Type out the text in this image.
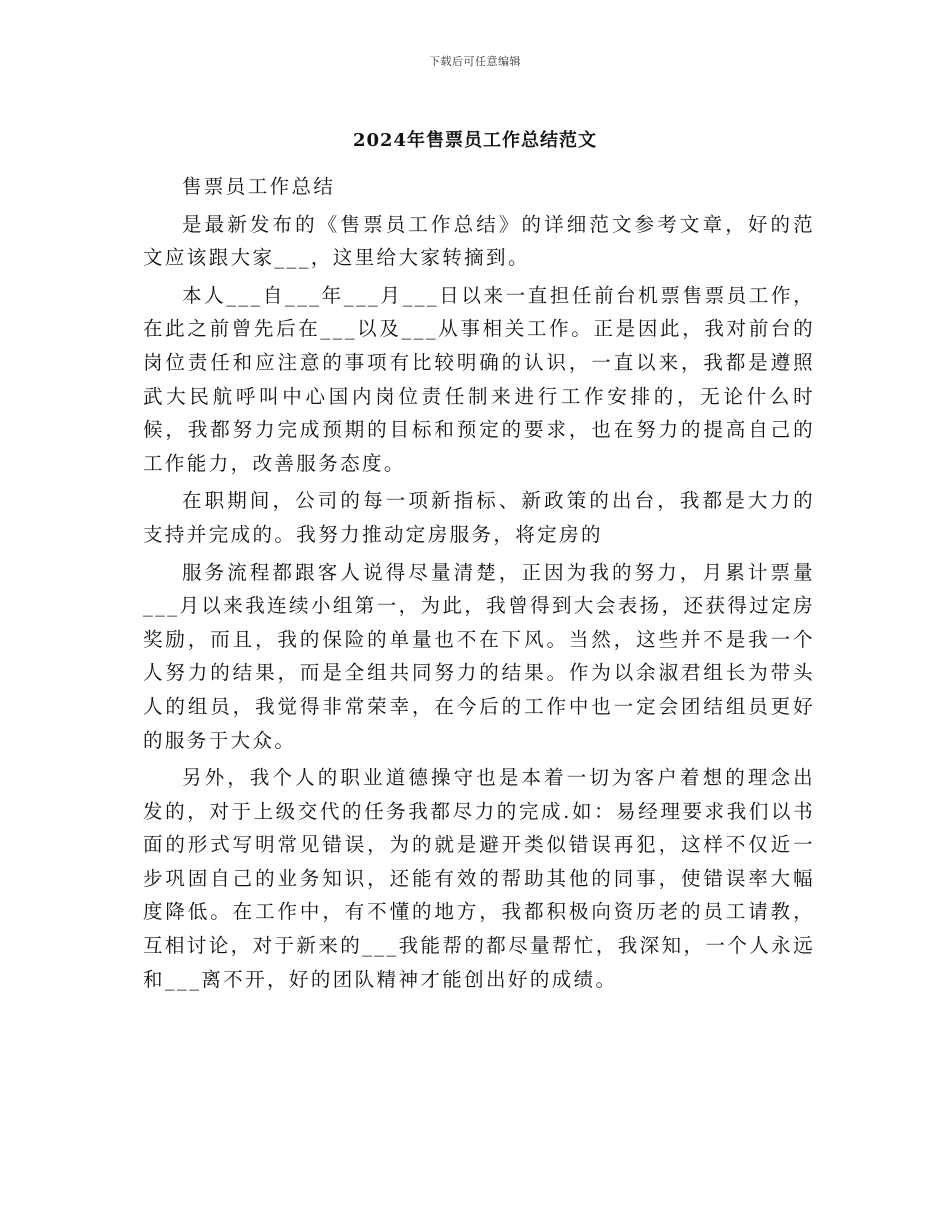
下载后可任意编辑
2024年售票员工作总结范文

售票员工作总结

是最新发布的《售票员工作总结》的详细范文参考文章，好的范文应该跟大家___，这里给大家转摘到。

本人___自___年___月___日以来一直担任前台机票售票员工作，在此之前曾先后在___以及___从事相关工作。正是因此，我对前台的岗位责任和应注意的事项有比较明确的认识，一直以来，我都是遵照武大民航呼叫中心国内岗位责任制来进行工作安排的，无论什么时候，我都努力完成预期的目标和预定的要求，也在努力的提高自己的工作能力，改善服务态度。

在职期间，公司的每一项新指标、新政策的出台，我都是大力的支持并完成的。我努力推动定房服务，将定房的

服务流程都跟客人说得尽量清楚，正因为我的努力，月累计票量___月以来我连续小组第一，为此，我曾得到大会表扬，还获得过定房奖励，而且，我的保险的单量也不在下风。当然，这些并不是我一个人努力的结果，而是全组共同努力的结果。作为以余淑君组长为带头人的组员，我觉得非常荣幸，在今后的工作中也一定会团结组员更好的服务于大众。

另外，我个人的职业道德操守也是本着一切为客户着想的理念出发的，对于上级交代的任务我都尽力的完成.如：易经理要求我们以书面的形式写明常见错误，为的就是避开类似错误再犯，这样不仅近一步巩固自己的业务知识，还能有效的帮助其他的同事，使错误率大幅度降低。在工作中，有不懂的地方，我都积极向资历老的员工请教，互相讨论，对于新来的___我能帮的都尽量帮忙，我深知，一个人永远和___离不开，好的团队精神才能创出好的成绩。
